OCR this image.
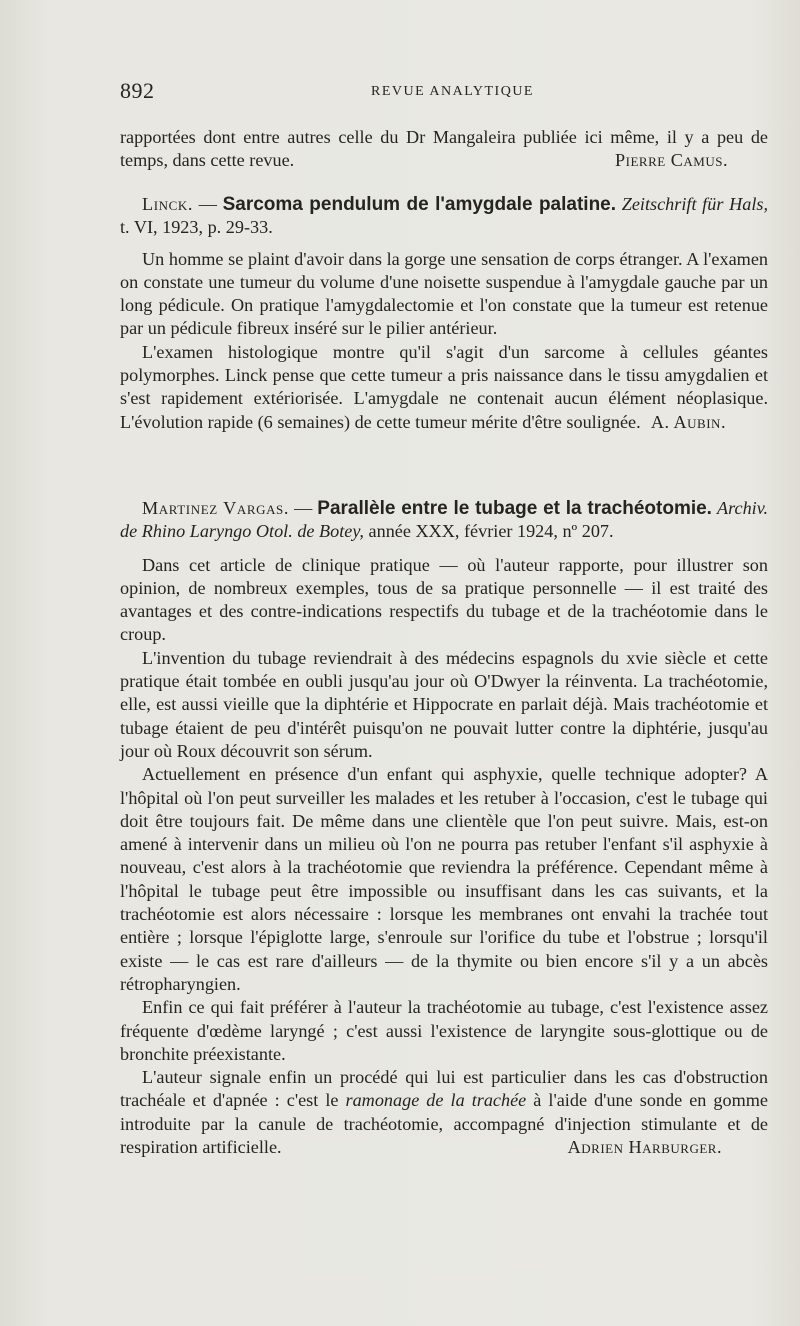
892	REVUE ANALYTIQUE

rapportées dont entre autres celle du Dr Mangaleira publiée ici même, il y a peu de temps, dans cette revue.	Pierre Camus.

Linck. — Sarcoma pendulum de l'amygdale palatine. Zeitschrift für Hals, t. VI, 1923, p. 29-33.

Un homme se plaint d'avoir dans la gorge une sensation de corps étranger. A l'examen on constate une tumeur du volume d'une noisette suspendue à l'amygdale gauche par un long pédicule. On pratique l'amygdalectomie et l'on constate que la tumeur est retenue par un pédicule fibreux inséré sur le pilier antérieur.

L'examen histologique montre qu'il s'agit d'un sarcome à cellules géantes polymorphes. Linck pense que cette tumeur a pris naissance dans le tissu amygdalien et s'est rapidement extériorisée. L'amygdale ne contenait aucun élément néoplasique. L'évolution rapide (6 semaines) de cette tumeur mérite d'être soulignée. A. Aubin.

Martinez Vargas. — Parallèle entre le tubage et la trachéotomie. Archiv. de Rhino Laryngo Otol. de Botey, année XXX, février 1924, nº 207.

Dans cet article de clinique pratique — où l'auteur rapporte, pour illustrer son opinion, de nombreux exemples, tous de sa pratique personnelle — il est traité des avantages et des contre-indications respectifs du tubage et de la trachéotomie dans le croup.

L'invention du tubage reviendrait à des médecins espagnols du xvie siècle et cette pratique était tombée en oubli jusqu'au jour où O'Dwyer la réinventa. La trachéotomie, elle, est aussi vieille que la diphtérie et Hippocrate en parlait déjà. Mais trachéotomie et tubage étaient de peu d'intérêt puisqu'on ne pouvait lutter contre la diphtérie, jusqu'au jour où Roux découvrit son sérum.

Actuellement en présence d'un enfant qui asphyxie, quelle technique adopter? A l'hôpital où l'on peut surveiller les malades et les retuber à l'occasion, c'est le tubage qui doit être toujours fait. De même dans une clientèle que l'on peut suivre. Mais, est-on amené à intervenir dans un milieu où l'on ne pourra pas retuber l'enfant s'il asphyxie à nouveau, c'est alors à la trachéotomie que reviendra la préférence. Cependant même à l'hôpital le tubage peut être impossible ou insuffisant dans les cas suivants, et la trachéotomie est alors nécessaire : lorsque les membranes ont envahi la trachée tout entière ; lorsque l'épiglotte large, s'enroule sur l'orifice du tube et l'obstrue ; lorsqu'il existe — le cas est rare d'ailleurs — de la thymite ou bien encore s'il y a un abcès rétropharyngien.

Enfin ce qui fait préférer à l'auteur la trachéotomie au tubage, c'est l'existence assez fréquente d'œdème laryngé ; c'est aussi l'existence de laryngite sous-glottique ou de bronchite préexistante.

L'auteur signale enfin un procédé qui lui est particulier dans les cas d'obstruction trachéale et d'apnée : c'est le ramonage de la trachée à l'aide d'une sonde en gomme introduite par la canule de trachéotomie, accompagné d'injection stimulante et de respiration artificielle.	Adrien Harburger.
